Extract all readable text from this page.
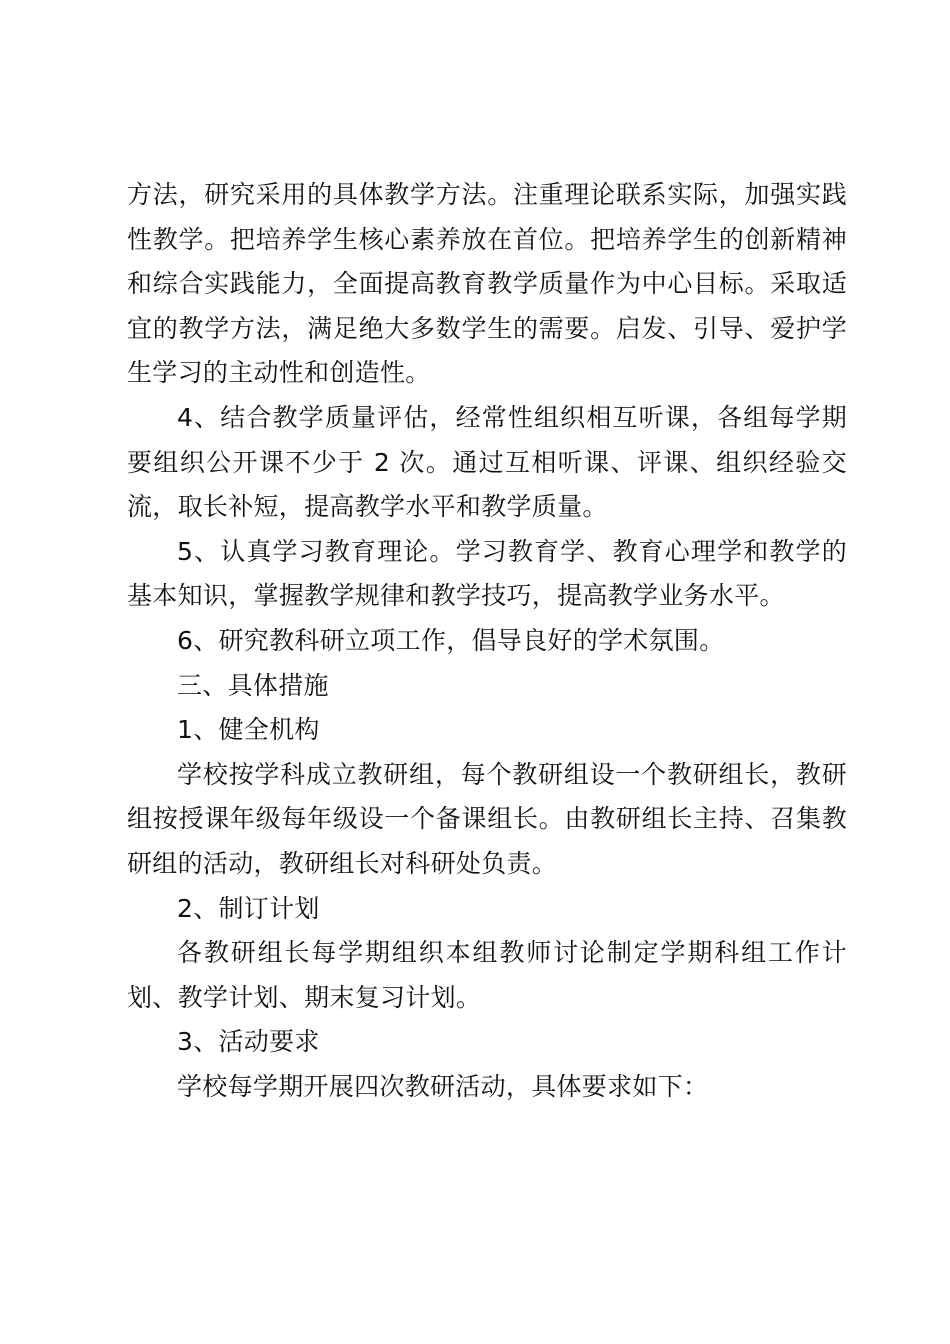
方法，研究采用的具体教学方法。注重理论联系实际，加强实践性教学。把培养学生核心素养放在首位。把培养学生的创新精神和综合实践能力，全面提高教育教学质量作为中心目标。采取适宜的教学方法，满足绝大多数学生的需要。启发、引导、爱护学生学习的主动性和创造性。

4、结合教学质量评估，经常性组织相互听课，各组每学期要组织公开课不少于 2 次。通过互相听课、评课、组织经验交流，取长补短，提高教学水平和教学质量。

5、认真学习教育理论。学习教育学、教育心理学和教学的基本知识，掌握教学规律和教学技巧，提高教学业务水平。

6、研究教科研立项工作，倡导良好的学术氛围。

三、具体措施

1、健全机构

学校按学科成立教研组，每个教研组设一个教研组长，教研组按授课年级每年级设一个备课组长。由教研组长主持、召集教研组的活动，教研组长对科研处负责。

2、制订计划

各教研组长每学期组织本组教师讨论制定学期科组工作计划、教学计划、期末复习计划。

3、活动要求

学校每学期开展四次教研活动，具体要求如下：
